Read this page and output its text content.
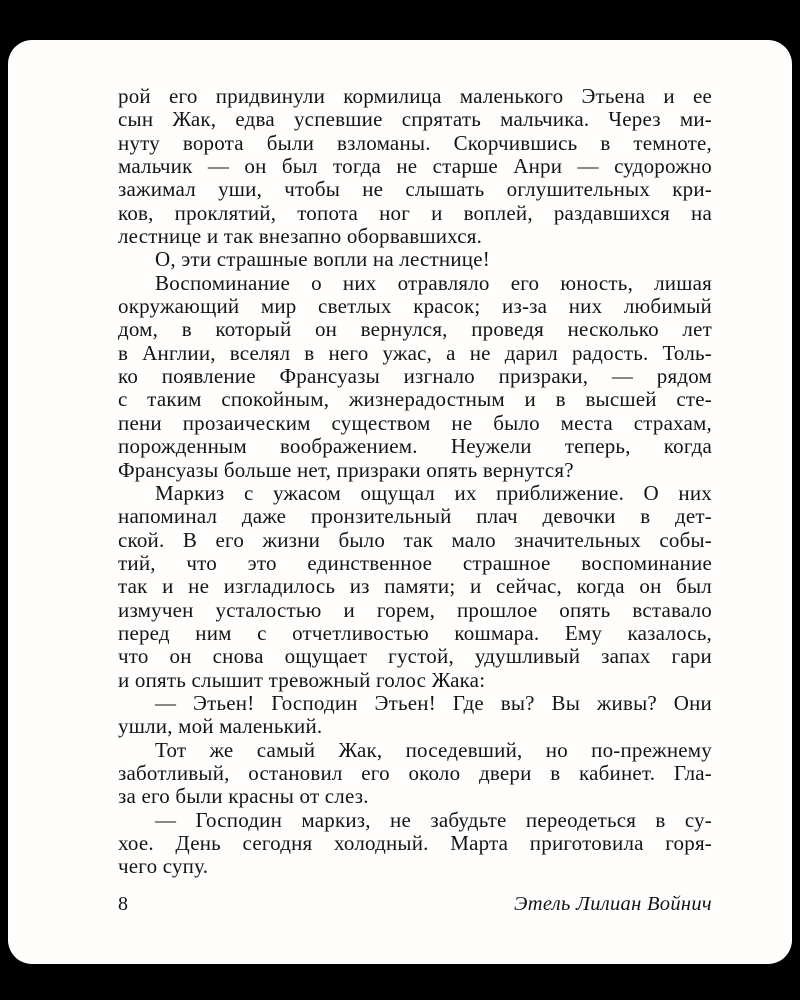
рой его придвинули кормилица маленького Этьена и ее
сын Жак, едва успевшие спрятать мальчика. Через ми-
нуту ворота были взломаны. Скорчившись в темноте,
мальчик — он был тогда не старше Анри — судорожно
зажимал уши, чтобы не слышать оглушительных кри-
ков, проклятий, топота ног и воплей, раздавшихся на
лестнице и так внезапно оборвавшихся.
О, эти страшные вопли на лестнице!
Воспоминание о них отравляло его юность, лишая
окружающий мир светлых красок; из-за них любимый
дом, в который он вернулся, проведя несколько лет
в Англии, вселял в него ужас, а не дарил радость. Толь-
ко появление Франсуазы изгнало призраки, — рядом
с таким спокойным, жизнерадостным и в высшей сте-
пени прозаическим существом не было места страхам,
порожденным воображением. Неужели теперь, когда
Франсуазы больше нет, призраки опять вернутся?
Маркиз с ужасом ощущал их приближение. О них
напоминал даже пронзительный плач девочки в дет-
ской. В его жизни было так мало значительных собы-
тий, что это единственное страшное воспоминание
так и не изгладилось из памяти; и сейчас, когда он был
измучен усталостью и горем, прошлое опять вставало
перед ним с отчетливостью кошмара. Ему казалось,
что он снова ощущает густой, удушливый запах гари
и опять слышит тревожный голос Жака:
— Этьен! Господин Этьен! Где вы? Вы живы? Они
ушли, мой маленький.
Тот же самый Жак, поседевший, но по-прежнему
заботливый, остановил его около двери в кабинет. Гла-
за его были красны от слез.
— Господин маркиз, не забудьте переодеться в су-
хое. День сегодня холодный. Марта приготовила горя-
чего супу.
8	Этель Лилиан Войнич
